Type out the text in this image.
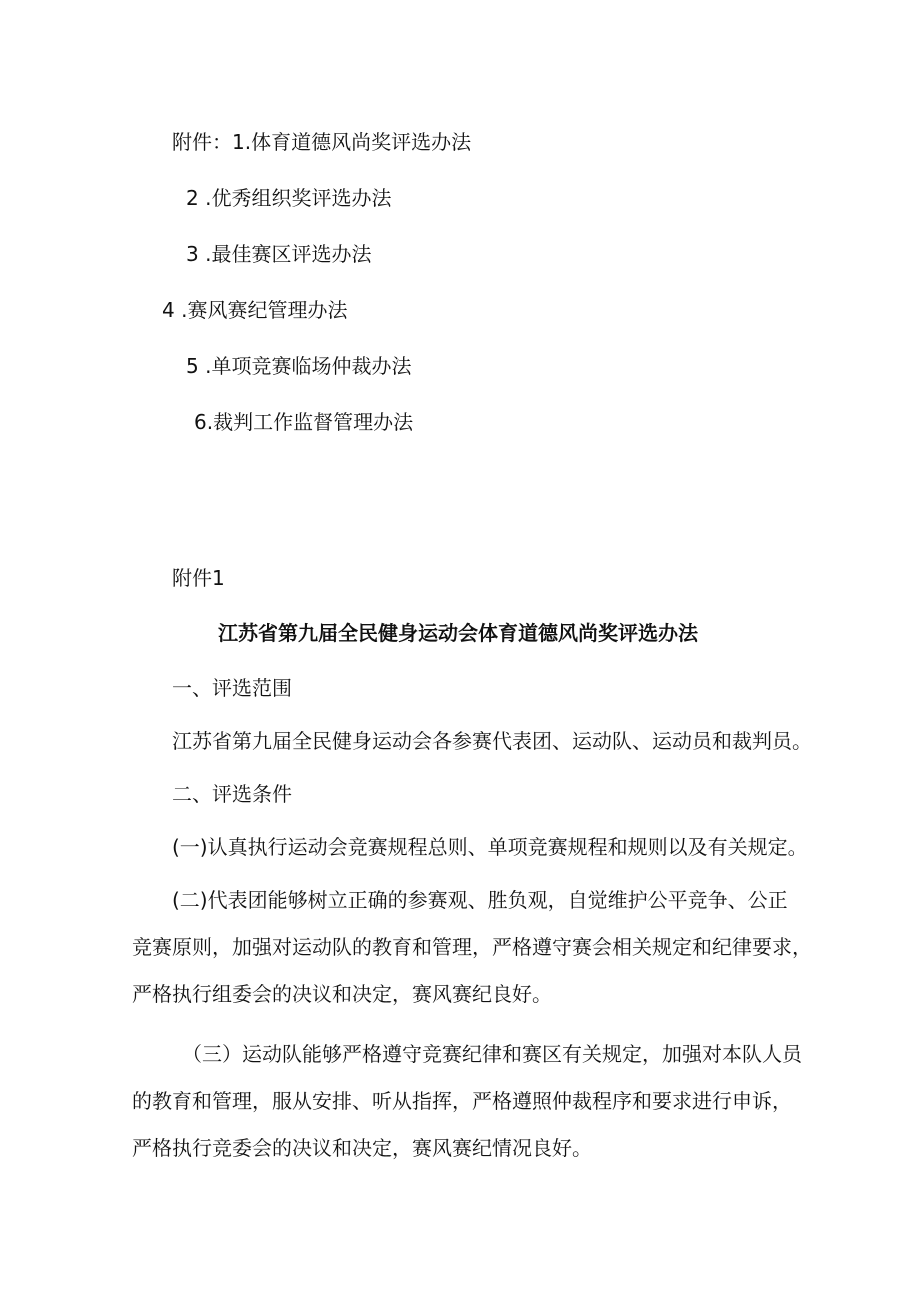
附件：1.体育道德风尚奖评选办法
2 .优秀组织奖评选办法
3 .最佳赛区评选办法
4 .赛风赛纪管理办法
5 .单项竞赛临场仲裁办法
6.裁判工作监督管理办法
附件1
江苏省第九届全民健身运动会体育道德风尚奖评选办法
一、评选范围
江苏省第九届全民健身运动会各参赛代表团、运动队、运动员和裁判员。
二、评选条件
(一)认真执行运动会竞赛规程总则、单项竞赛规程和规则以及有关规定。
(二)代表团能够树立正确的参赛观、胜负观，自觉维护公平竞争、公正
竞赛原则，加强对运动队的教育和管理，严格遵守赛会相关规定和纪律要求，
严格执行组委会的决议和决定，赛风赛纪良好。
（三）运动队能够严格遵守竞赛纪律和赛区有关规定，加强对本队人员
的教育和管理，服从安排、听从指挥，严格遵照仲裁程序和要求进行申诉，
严格执行竞委会的决议和决定，赛风赛纪情况良好。
